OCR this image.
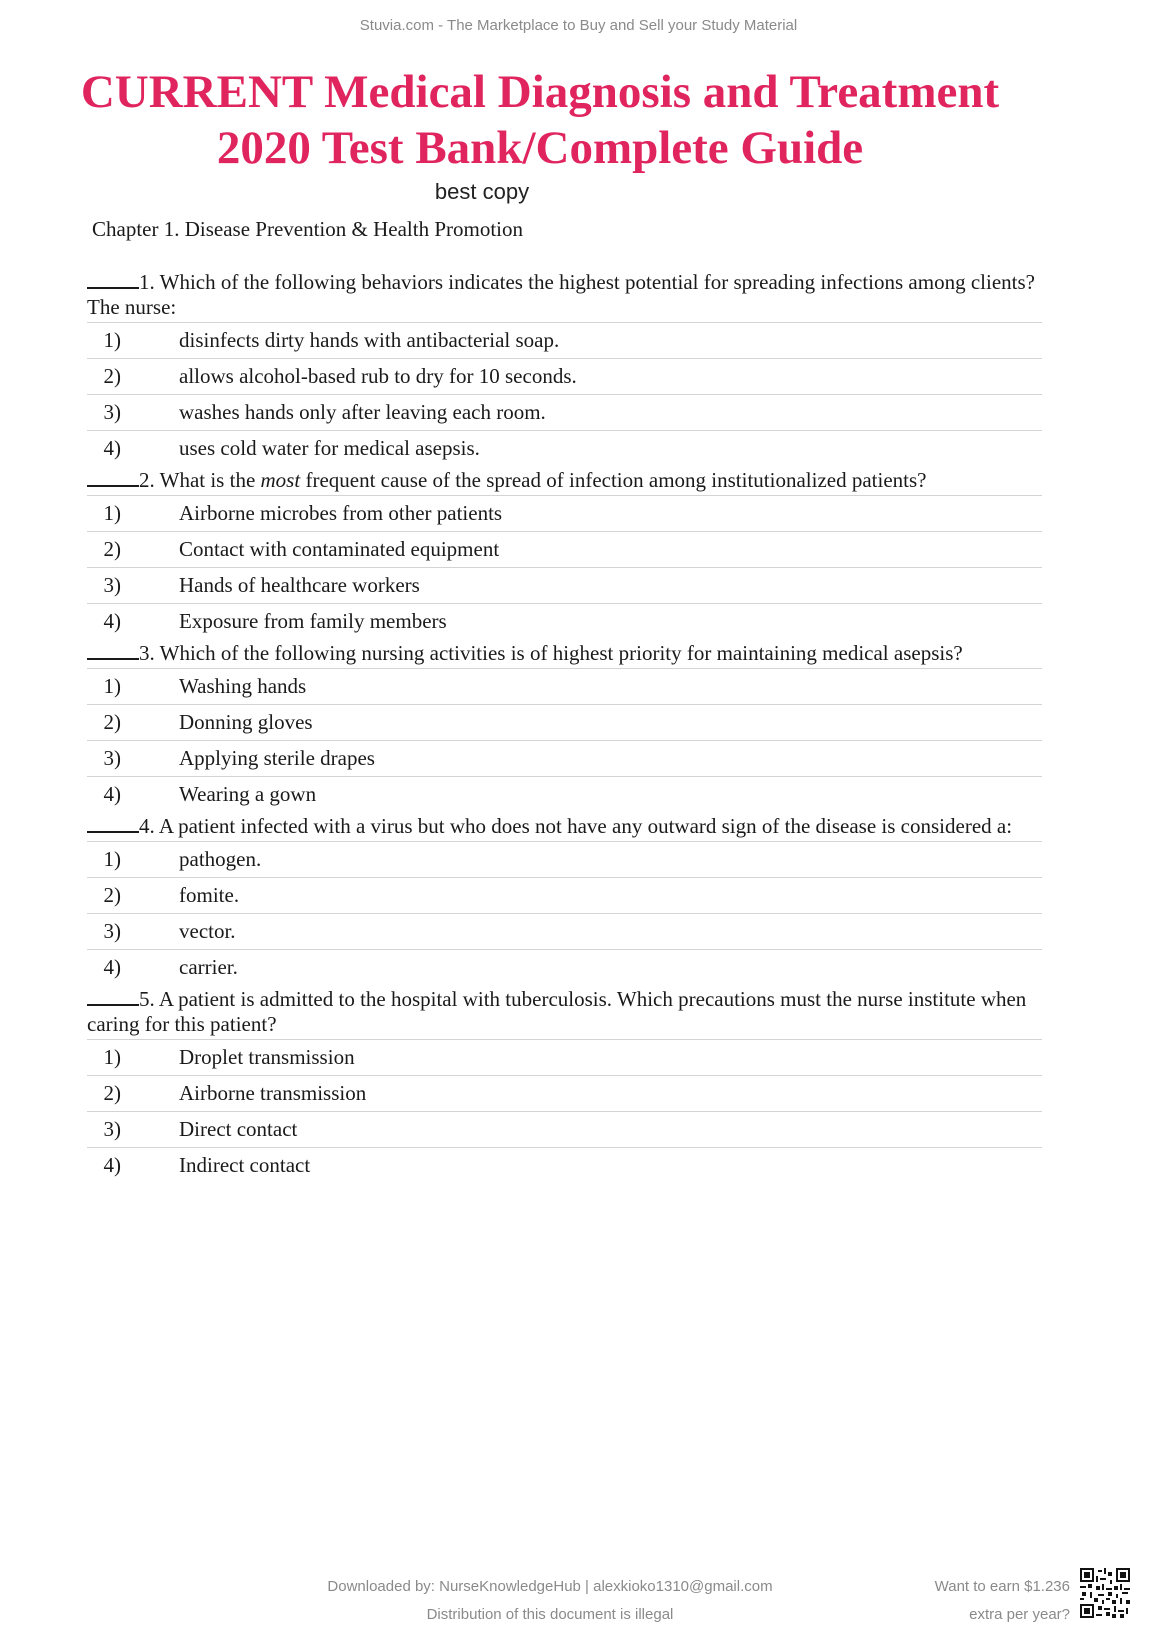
Stuvia.com - The Marketplace to Buy and Sell your Study Material
CURRENT Medical Diagnosis and Treatment
2020 Test Bank/Complete Guide
best copy
Chapter 1. Disease Prevention & Health Promotion
1. Which of the following behaviors indicates the highest potential for spreading infections among clients? The nurse:
1)	disinfects dirty hands with antibacterial soap.
2)	allows alcohol-based rub to dry for 10 seconds.
3)	washes hands only after leaving each room.
4)	uses cold water for medical asepsis.
2. What is the most frequent cause of the spread of infection among institutionalized patients?
1)	Airborne microbes from other patients
2)	Contact with contaminated equipment
3)	Hands of healthcare workers
4)	Exposure from family members
3. Which of the following nursing activities is of highest priority for maintaining medical asepsis?
1)	Washing hands
2)	Donning gloves
3)	Applying sterile drapes
4)	Wearing a gown
4. A patient infected with a virus but who does not have any outward sign of the disease is considered a:
1)	pathogen.
2)	fomite.
3)	vector.
4)	carrier.
5. A patient is admitted to the hospital with tuberculosis. Which precautions must the nurse institute when caring for this patient?
1)	Droplet transmission
2)	Airborne transmission
3)	Direct contact
4)	Indirect contact
Downloaded by: NurseKnowledgeHub | alexkioko1310@gmail.com
Distribution of this document is illegal
Want to earn $1.236
extra per year?
